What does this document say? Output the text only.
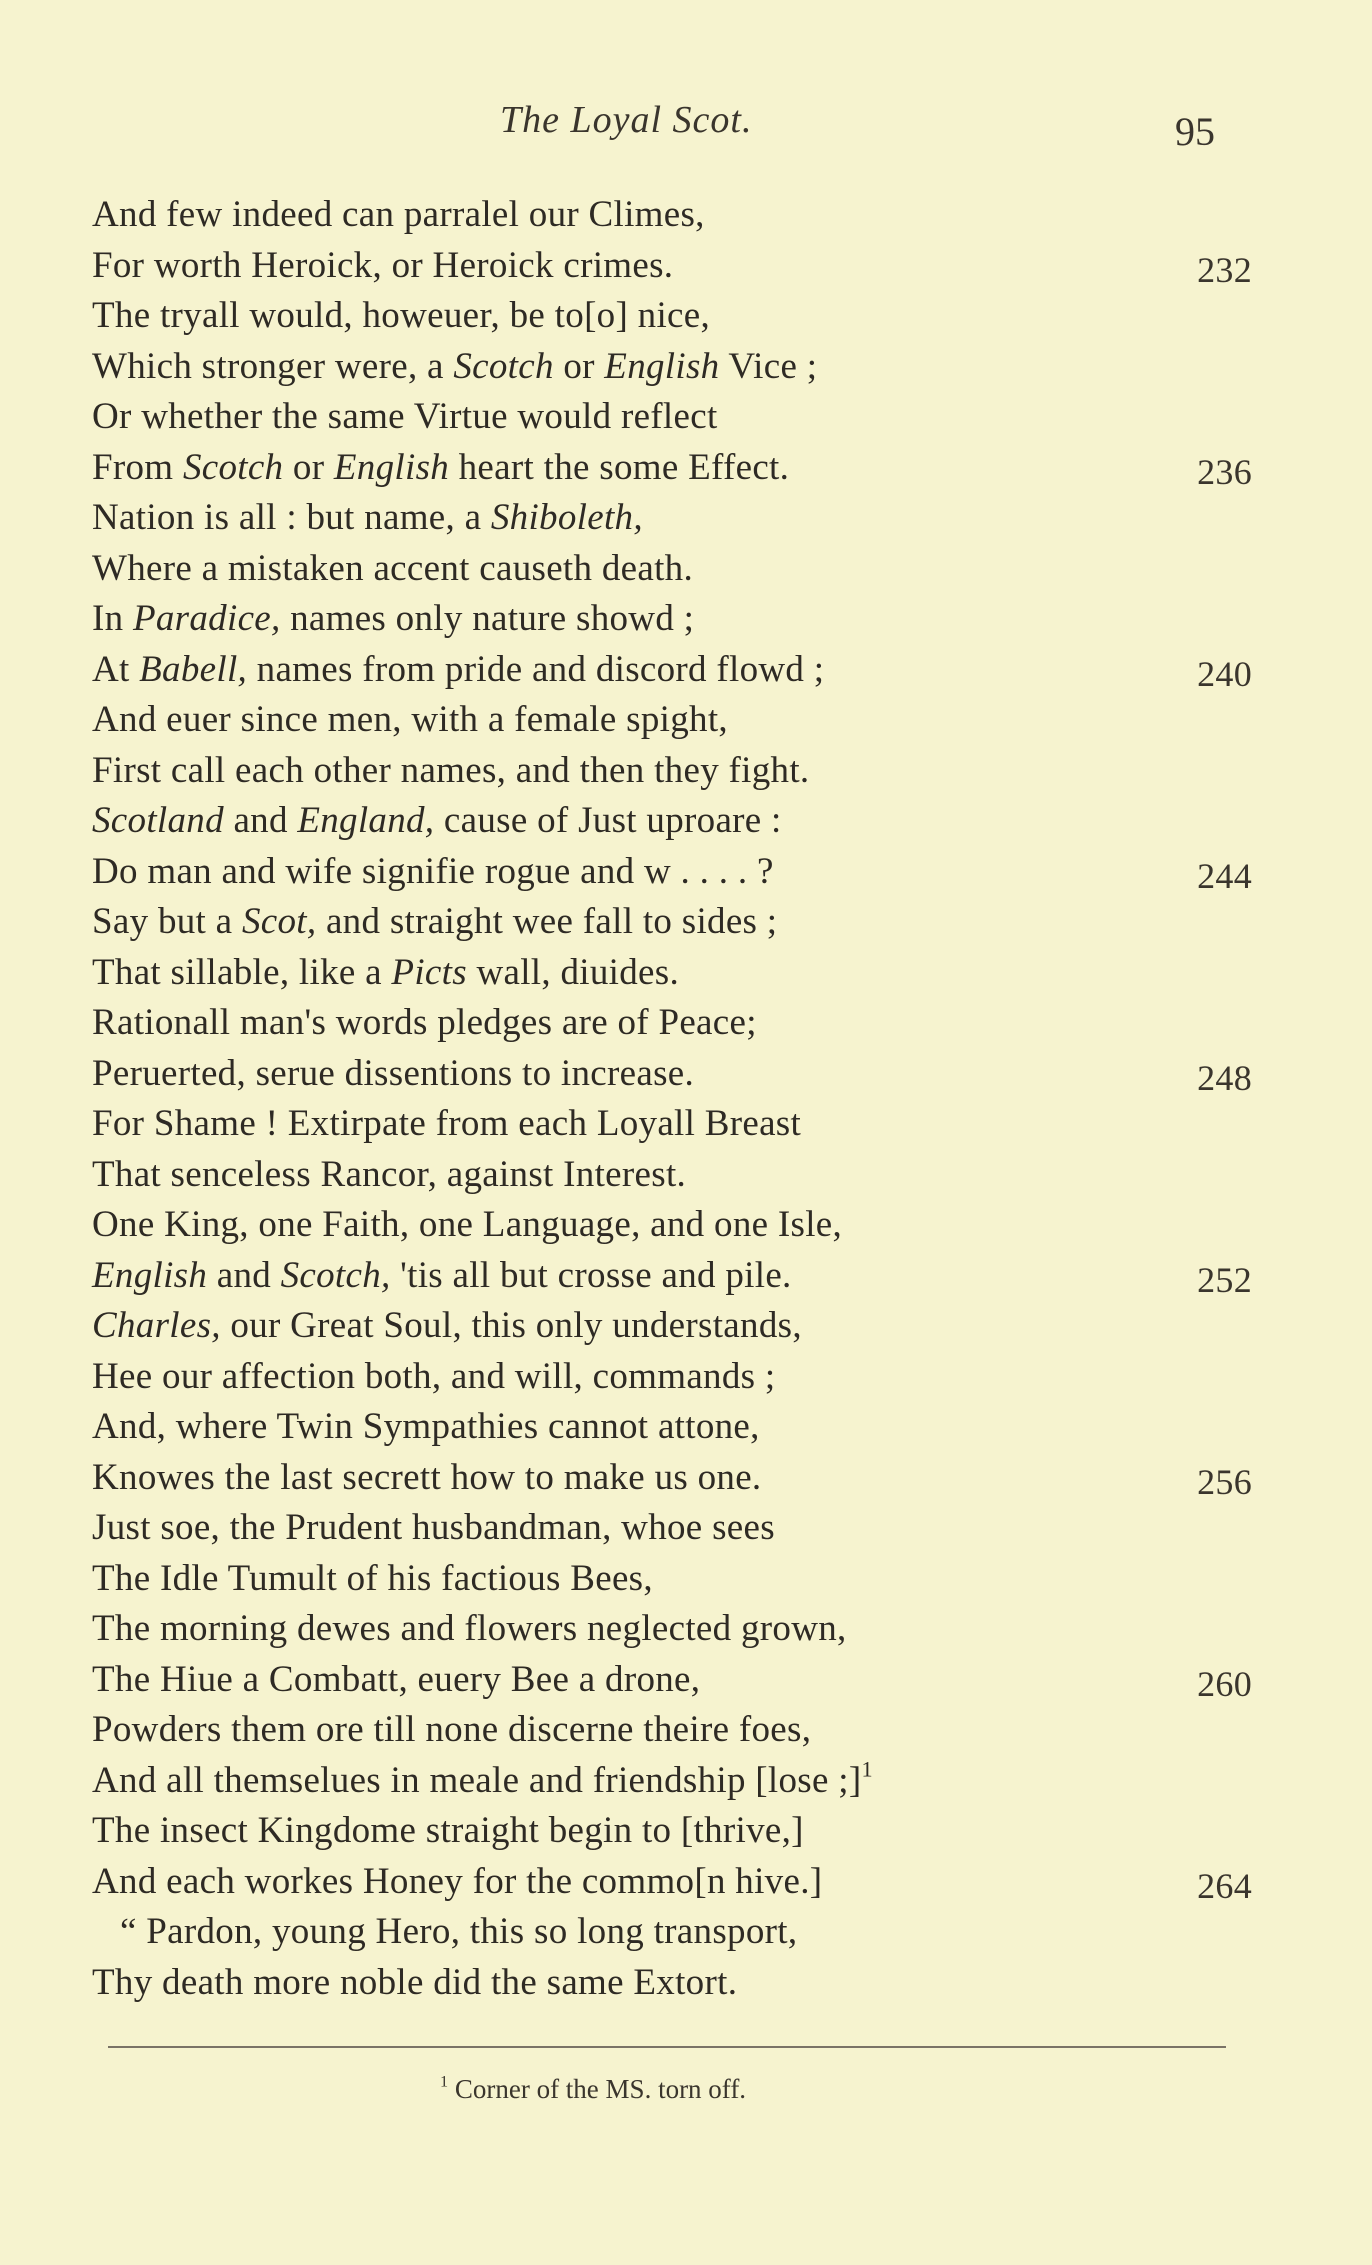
The Loyal Scot.	95
And few indeed can parralel our Climes,
For worth Heroick, or Heroick crimes.	232
The tryall would, howeuer, be to[o] nice,
Which stronger were, a Scotch or English Vice ;
Or whether the same Virtue would reflect
From Scotch or English heart the some Effect.	236
Nation is all : but name, a Shiboleth,
Where a mistaken accent causeth death.
In Paradice, names only nature showd ;
At Babell, names from pride and discord flowd ;	240
And euer since men, with a female spight,
First call each other names, and then they fight.
Scotland and England, cause of Just uproare :
Do man and wife signifie rogue and w . . . . ?	244
Say but a Scot, and straight wee fall to sides ;
That sillable, like a Picts wall, diuides.
Rationall man's words pledges are of Peace;
Peruerted, serue dissentions to increase.	248
For Shame ! Extirpate from each Loyall Breast
That senceless Rancor, against Interest.
One King, one Faith, one Language, and one Isle,
English and Scotch, 'tis all but crosse and pile.	252
Charles, our Great Soul, this only understands,
Hee our affection both, and will, commands ;
And, where Twin Sympathies cannot attone,
Knowes the last secrett how to make us one.	256
Just soe, the Prudent husbandman, whoe sees
The Idle Tumult of his factious Bees,
The morning dewes and flowers neglected grown,
The Hiue a Combatt, euery Bee a drone,	260
Powders them ore till none discerne theire foes,
And all themselues in meale and friendship [lose ;]$^1$
The insect Kingdome straight begin to [thrive,]
And each workes Honey for the commo[n hive.]	264
“ Pardon, young Hero, this so long transport,
Thy death more noble did the same Extort.
$^1$ Corner of the MS. torn off.
